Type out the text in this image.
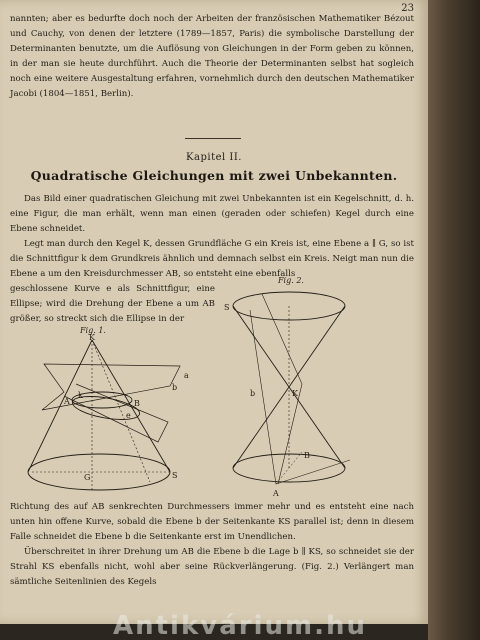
23

nannten; aber es bedurfte doch noch der Arbeiten der französischen Mathematiker Bézout und Cauchy, von denen der letztere (1789—1857, Paris) die symbolische Darstellung der Determinanten benutzte, um die Auflösung von Gleichungen in der Form geben zu können, in der man sie heute durchführt. Auch die Theorie der Determinanten selbst hat sogleich noch eine weitere Ausgestaltung erfahren, vornehmlich durch den deutschen Mathematiker Jacobi (1804—1851, Berlin).

Kapitel II.
Quadratische Gleichungen mit zwei Unbekannten.

Das Bild einer quadratischen Gleichung mit zwei Unbekannten ist ein Kegelschnitt, d. h. eine Figur, die man erhält, wenn man einen (geraden oder schiefen) Kegel durch eine Ebene schneidet.

Legt man durch den Kegel K, dessen Grundfläche G ein Kreis ist, eine Ebene a ∥ G, so ist die Schnittfigur k dem Grundkreis ähnlich und demnach selbst ein Kreis. Neigt man nun die Ebene a um den Kreisdurchmesser AB, so entsteht eine ebenfalls

geschlossene Kurve e als Schnittfigur, eine Ellipse; wird die Drehung der Ebene a um AB größer, so streckt sich die Ellipse in der

Fig. 1.
K
k
e
a
b
A	B
G	S
Fig. 2.
S
b	K
A
B

Richtung des auf AB senkrechten Durchmessers immer mehr und es entsteht eine nach unten hin offene Kurve, sobald die Ebene b der Seitenkante KS parallel ist; denn in diesem Falle schneidet die Ebene b die Seitenkante erst im Unendlichen.

Überschreitet in ihrer Drehung um AB die Ebene b die Lage b ∥ KS, so schneidet sie der Strahl KS ebenfalls nicht, wohl aber seine Rückverlängerung. (Fig. 2.) Verlängert man sämtliche Seitenlinien des Kegels

Antikvárium.hu
